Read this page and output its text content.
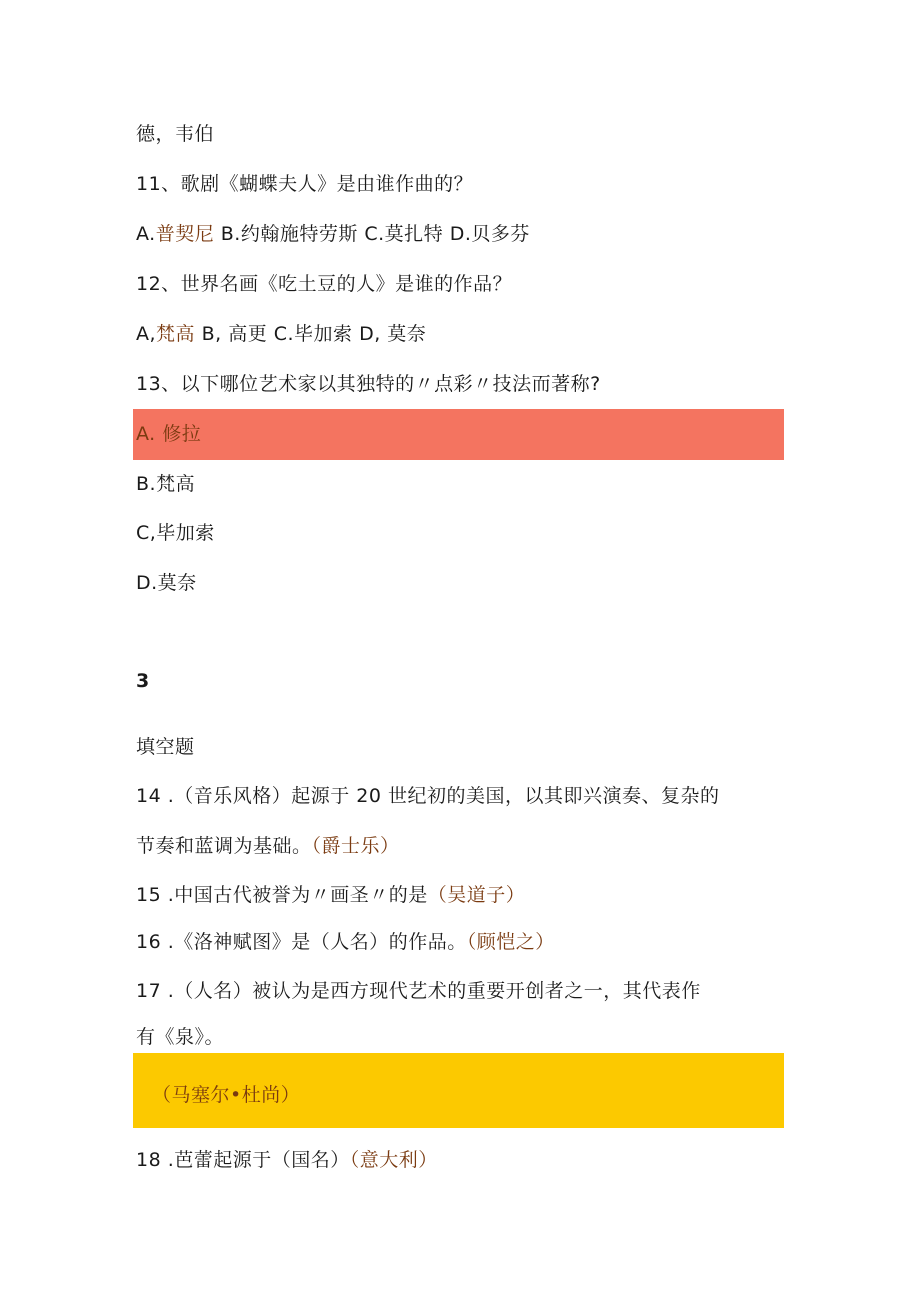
德，韦伯
11、歌剧《蝴蝶夫人》是由谁作曲的？
A.普契尼 B.约翰施特劳斯 C.莫扎特 D.贝多芬
12、世界名画《吃土豆的人》是谁的作品？
A,梵高 B, 高更 C.毕加索 D, 莫奈
13、以下哪位艺术家以其独特的〃点彩〃技法而著称?
A. 修拉
B.梵高
C,毕加索
D.莫奈
3
填空题
14 .（音乐风格）起源于 20 世纪初的美国，以其即兴演奏、复杂的
节奏和蓝调为基础。（爵士乐）
15 .中国古代被誉为〃画圣〃的是（吴道子）
16 .《洛神赋图》是（人名）的作品。（顾恺之）
17 .（人名）被认为是西方现代艺术的重要开创者之一，其代表作
有《泉》。
（马塞尔•杜尚）
18 .芭蕾起源于（国名）（意大利）
